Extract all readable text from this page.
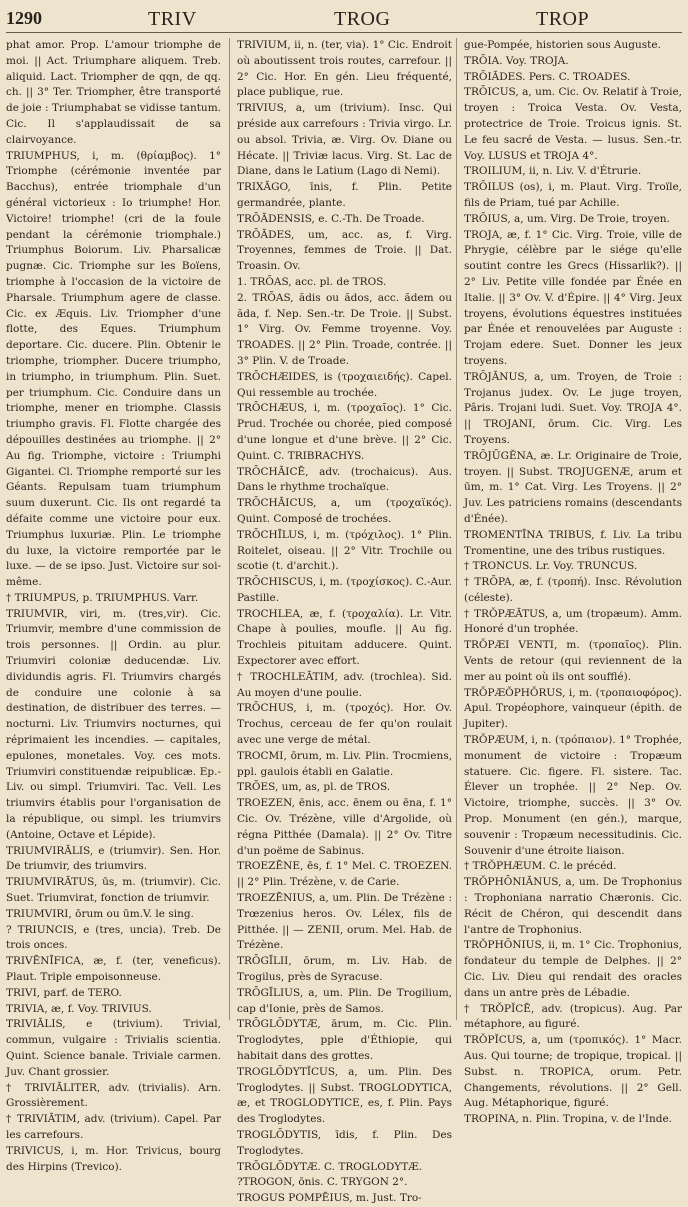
1290	TRIV	TROG	TROP

phat amor. Prop. L'amour triomphe de moi. || Act. Triumphare aliquem. Treb. aliquid. Lact. Triompher de qqn, de qq. ch. || 3° Ter. Triompher, être transporté de joie : Triumphabat se vidisse tantum. Cic. Il s'applaudissait de sa clairvoyance.

TRIUMPHUS, i, m. (θρίαμβος). 1° Triomphe (cérémonie inventée par Bacchus), entrée triomphale d'un général victorieux : Io triumphe! Hor. Victoire! triomphe! (cri de la foule pendant la cérémonie triomphale.) Triumphus Boiorum. Liv. Pharsalicæ pugnæ. Cic. Triomphe sur les Boïens, triomphe à l'occasion de la victoire de Pharsale. Triumphum agere de classe. Cic. ex Æquis. Liv. Triompher d'une flotte, des Eques. Triumphum deportare. Cic. ducere. Plin. Obtenir le triomphe, triompher. Ducere triumpho, in triumpho, in triumphum. Plin. Suet. per triumphum. Cic. Conduire dans un triomphe, mener en triomphe. Classis triumpho gravis. Fl. Flotte chargée des dépouilles destinées au triomphe. || 2° Au fig. Triomphe, victoire : Triumphi Gigantei. Cl. Triomphe remporté sur les Géants. Repulsam tuam triumphum suum duxerunt. Cic. Ils ont regardé ta défaite comme une victoire pour eux. Triumphus luxuriæ. Plin. Le triomphe du luxe, la victoire remportée par le luxe. — de se ipso. Just. Victoire sur soi-même.

† TRIUMPUS, p. TRIUMPHUS. Varr.

TRIUMVIR, viri, m. (tres,vir). Cic. Triumvir, membre d'une commission de trois personnes. || Ordin. au plur. Triumviri coloniæ deducendæ. Liv. dividundis agris. Fl. Triumvirs chargés de conduire une colonie à sa destination, de distribuer des terres. — nocturni. Liv. Triumvirs nocturnes, qui réprimaient les incendies. — capitales, epulones, monetales. Voy. ces mots. Triumviri constituendæ reipublicæ. Ep.-Liv. ou simpl. Triumviri. Tac. Vell. Les triumvirs établis pour l'organisation de la république, ou simpl. les triumvirs (Antoine, Octave et Lépide).

TRIUMVIRĀLIS, e (triumvir). Sen. Hor. De triumvir, des triumvirs.

TRIUMVIRĀTUS, ūs, m. (triumvir). Cic. Suet. Triumvirat, fonction de triumvir.

TRIUMVIRI, ōrum ou ūm.V. le sing.

? TRIUNCIS, e (tres, uncia). Treb. De trois onces.

TRIVĒNĪFICA, æ, f. (ter, veneficus). Plaut. Triple empoisonneuse.

TRIVI, parf. de TERO.

TRIVIA, æ, f. Voy. TRIVIUS.

TRIVIĀLIS, e (trivium). Trivial, commun, vulgaire : Trivialis scientia. Quint. Science banale. Triviale carmen. Juv. Chant grossier.

† TRIVIĀLITER, adv. (trivialis). Arn. Grossièrement.

† TRIVIĀTIM, adv. (trivium). Capel. Par les carrefours.

TRIVICUS, i, m. Hor. Trivicus, bourg des Hirpins (Trevico).

TRIVIUM, ii, n. (ter, via). 1° Cic. Endroit où aboutissent trois routes, carrefour. || 2° Cic. Hor. En gén. Lieu fréquenté, place publique, rue.

TRIVIUS, a, um (trivium). Insc. Qui préside aux carrefours : Trivia virgo. Lr. ou absol. Trivia, æ. Virg. Ov. Diane ou Hécate. || Triviæ lacus. Virg. St. Lac de Diane, dans le Latium (Lago di Nemi).

TRIXĀGO, īnis, f. Plin. Petite germandrée, plante.

TRŌĀDENSIS, e. C.-Th. De Troade.

TRŌĀDES, um, acc. as, f. Virg. Troyennes, femmes de Troie. || Dat. Troasin. Ov.

1. TRŌAS, acc. pl. de TROS.

2. TRŌAS, ădis ou ădos, acc. ădem ou ăda, f. Nep. Sen.-tr. De Troie. || Subst. 1° Virg. Ov. Femme troyenne. Voy. TROADES. || 2° Plin. Troade, contrée. || 3° Plin. V. de Troade.

TRŌCHÆIDES, is (τροχαιειδής). Capel. Qui ressemble au trochée.

TRŌCHÆUS, i, m. (τροχαῖος). 1° Cic. Prud. Trochée ou chorée, pied composé d'une longue et d'une brève. || 2° Cic. Quint. C. TRIBRACHYS.

TRŌCHĀICĒ, adv. (trochaicus). Aus. Dans le rhythme trochaïque.

TRŌCHĀICUS, a, um (τροχαϊκός). Quint. Composé de trochées.

TRŌCHĪLUS, i, m. (τρόχιλος). 1° Plin. Roitelet, oiseau. || 2° Vitr. Trochile ou scotie (t. d'archit.).

TRŌCHISCUS, i, m. (τροχίσκος). C.-Aur. Pastille.

TROCHLEA, æ, f. (τροχαλία). Lr. Vitr. Chape à poulies, moufle. || Au fig. Trochleis pituitam adducere. Quint. Expectorer avec effort.

† TROCHLEĀTIM, adv. (trochlea). Sid. Au moyen d'une poulie.

TRŌCHUS, i, m. (τροχός). Hor. Ov. Trochus, cerceau de fer qu'on roulait avec une verge de métal.

TROCMI, ōrum, m. Liv. Plin. Trocmiens, ppl. gaulois établi en Galatie.

TRŌES, um, as, pl. de TROS.

TROEZEN, ēnis, acc. ēnem ou ēna, f. 1° Cic. Ov. Trézène, ville d'Argolide, où régna Pitthée (Damala). || 2° Ov. Titre d'un poëme de Sabinus.

TROEZĒNE, ēs, f. 1° Mel. C. TROEZEN. || 2° Plin. Trézène, v. de Carie.

TROEZĒNIUS, a, um. Plin. De Trézène : Trœzenius heros. Ov. Lélex, fils de Pitthée. || — ZENII, orum. Mel. Hab. de Trézène.

TRŌGĪLII, ōrum, m. Liv. Hab. de Trogilus, près de Syracuse.

TRŌGĪLIUS, a, um. Plin. De Trogilium, cap d'Ionie, près de Samos.

TRŌGLŌDYTÆ, ārum, m. Cic. Plin. Troglodytes, pple d'Éthiopie, qui habitait dans des grottes.

TROGLŌDYTĬCUS, a, um. Plin. Des Troglodytes. || Subst. TROGLODYTICA, æ, et TROGLODYTICE, es, f. Plin. Pays des Troglodytes.

TROGLŌDYTIS, īdis, f. Plin. Des Troglodytes.

TRŌGLŌDYTÆ. C. TROGLODYTÆ.

?TROGON, ōnis. C. TRYGON 2°.

TROGUS POMPĒIUS, m. Just. Tro-

gue-Pompée, historien sous Auguste.

TRŌIA. Voy. TROJA.

TRŌIĀDES. Pers. C. TROADES.

TRŌICUS, a, um. Cic. Ov. Relatif à Troie, troyen : Troica Vesta. Ov. Vesta, protectrice de Troie. Troicus ignis. St. Le feu sacré de Vesta. — lusus. Sen.-tr. Voy. LUSUS et TROJA 4°.

TROILIUM, ii, n. Liv. V. d'Étrurie.

TRŌILUS (os), i, m. Plaut. Virg. Troïle, fils de Priam, tué par Achille.

TRŌIUS, a, um. Virg. De Troie, troyen.

TROJA, æ, f. 1° Cic. Virg. Troie, ville de Phrygie, célèbre par le siége qu'elle soutint contre les Grecs (Hissarlik?). || 2° Liv. Petite ville fondée par Énée en Italie. || 3° Ov. V. d'Épire. || 4° Virg. Jeux troyens, évolutions équestres instituées par Énée et renouvelées par Auguste : Trojam edere. Suet. Donner les jeux troyens.

TRŌJĀNUS, a, um. Troyen, de Troie : Trojanus judex. Ov. Le juge troyen, Pâris. Trojani ludi. Suet. Voy. TROJA 4°. || TROJANI, ōrum. Cic. Virg. Les Troyens.

TRŌJŪGĔNA, æ. Lr. Originaire de Troie, troyen. || Subst. TROJUGENÆ, arum et ūm, m. 1° Cat. Virg. Les Troyens. || 2° Juv. Les patriciens romains (descendants d'Énée).

TROMENTĪNA TRIBUS, f. Liv. La tribu Tromentine, une des tribus rustiques.

† TRONCUS. Lr. Voy. TRUNCUS.

† TRŌPA, æ, f. (τροπή). Insc. Révolution (céleste).

† TRŎPÆĀTUS, a, um (tropæum). Amm. Honoré d'un trophée.

TRŎPÆI VENTI, m. (τροπαῖος). Plin. Vents de retour (qui reviennent de la mer au point où ils ont soufflé).

TRŎPÆŎPHŎRUS, i, m. (τροπαιοφόρος). Apul. Tropéophore, vainqueur (épith. de Jupiter).

TRŎPÆUM, i, n. (τρόπαιον). 1° Trophée, monument de victoire : Tropæum statuere. Cic. figere. Fl. sistere. Tac. Élever un trophée. || 2° Nep. Ov. Victoire, triomphe, succès. || 3° Ov. Prop. Monument (en gén.), marque, souvenir : Tropæum necessitudinis. Cic. Souvenir d'une étroite liaison.

† TRŎPHÆUM. C. le précéd.

TRŎPHŌNIĀNUS, a, um. De Trophonius : Trophoniana narratio Chæronis. Cic. Récit de Chéron, qui descendit dans l'antre de Trophonius.

TRŎPHŌNIUS, ii, m. 1° Cic. Trophonius, fondateur du temple de Delphes. || 2° Cic. Liv. Dieu qui rendait des oracles dans un antre près de Lébadie.

† TRŎPĬCĒ, adv. (tropicus). Aug. Par métaphore, au figuré.

TRŎPĬCUS, a, um (τροπικός). 1° Macr. Aus. Qui tourne; de tropique, tropical. || Subst. n. TROPICA, orum. Petr. Changements, révolutions. || 2° Gell. Aug. Métaphorique, figuré.

TROPINA, n. Plin. Tropina, v. de l'Inde.
